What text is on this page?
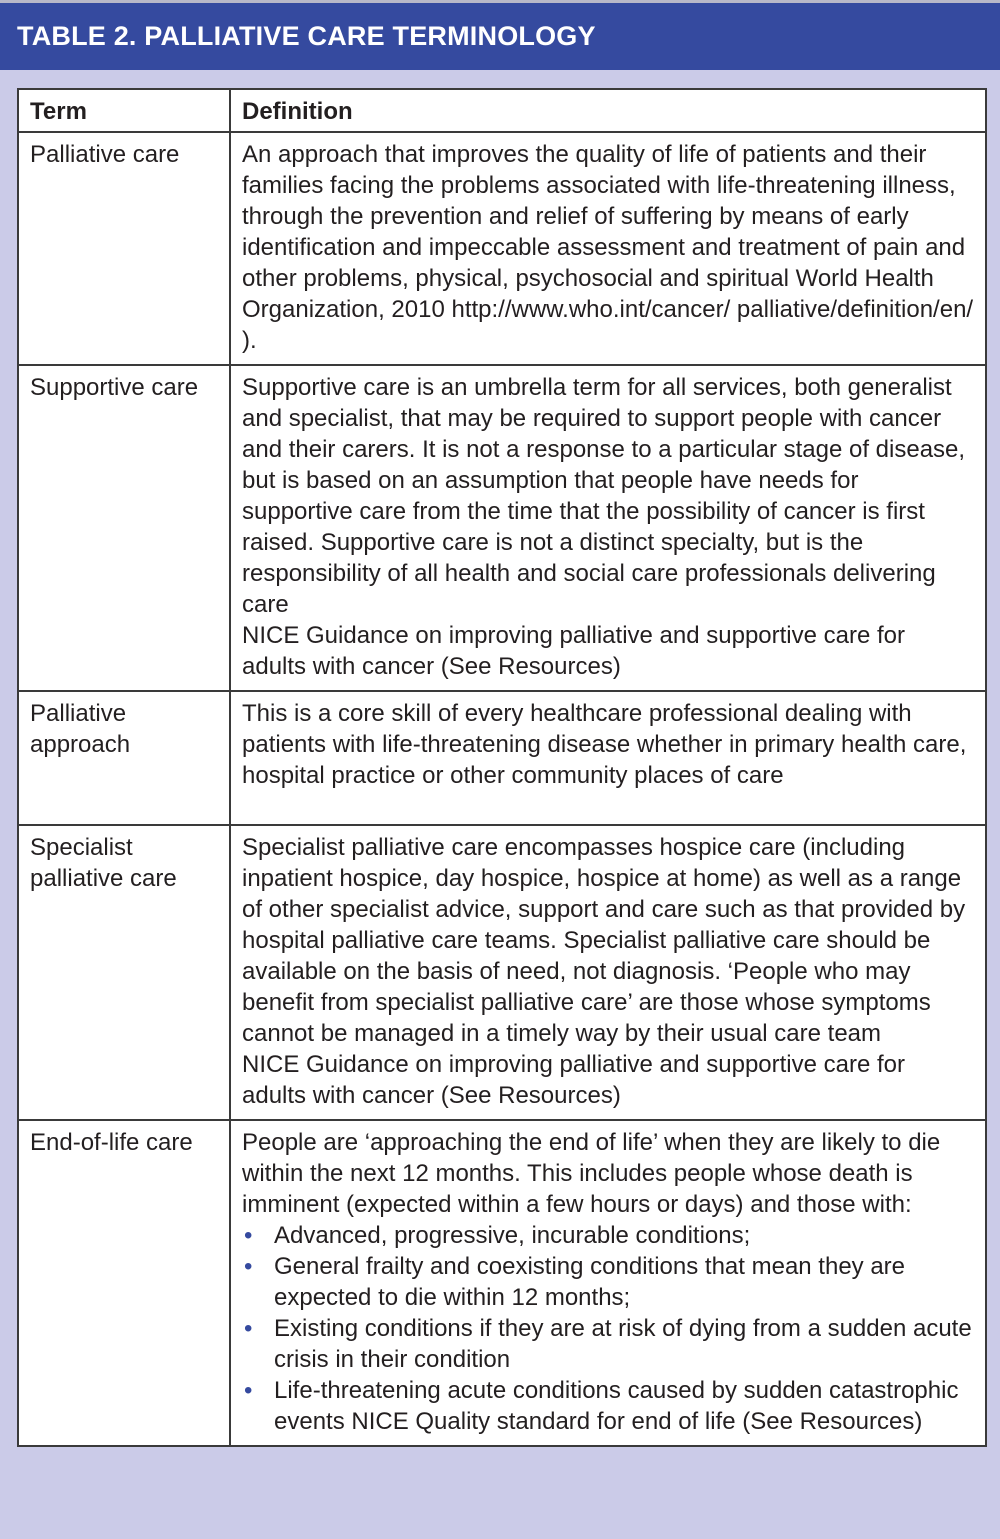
TABLE 2. PALLIATIVE CARE TERMINOLOGY
Term	Definition
Palliative care	An approach that improves the quality of life of patients and their families facing the problems associated with life-threatening illness, through the prevention and relief of suffering by means of early identification and impeccable assessment and treatment of pain and other problems, physical, psychosocial and spiritual World Health Organization, 2010 http://www.who.int/cancer/ palliative/definition/en/ ).

Supportive care	Supportive care is an umbrella term for all services, both generalist and specialist, that may be required to support people with cancer and their carers. It is not a response to a particular stage of disease, but is based on an assumption that people have needs for supportive care from the time that the possibility of cancer is first raised. Supportive care is not a distinct specialty, but is the responsibility of all health and social care professionals delivering care
NICE Guidance on improving palliative and supportive care for adults with cancer (See Resources)

Palliative approach	This is a core skill of every healthcare professional dealing with patients with life-threatening disease whether in primary health care, hospital practice or other community places of care

Specialist palliative care	Specialist palliative care encompasses hospice care (including inpatient hospice, day hospice, hospice at home) as well as a range of other specialist advice, support and care such as that provided by hospital palliative care teams. Specialist palliative care should be available on the basis of need, not diagnosis. ‘People who may benefit from specialist palliative care’ are those whose symptoms cannot be managed in a timely way by their usual care team
NICE Guidance on improving palliative and supportive care for adults with cancer (See Resources)

End-of-life care	People are ‘approaching the end of life’ when they are likely to die within the next 12 months. This includes people whose death is imminent (expected within a few hours or days) and those with:
• Advanced, progressive, incurable conditions;
• General frailty and coexisting conditions that mean they are expected to die within 12 months;
• Existing conditions if they are at risk of dying from a sudden acute crisis in their condition
• Life-threatening acute conditions caused by sudden catastrophic events NICE Quality standard for end of life (See Resources)
